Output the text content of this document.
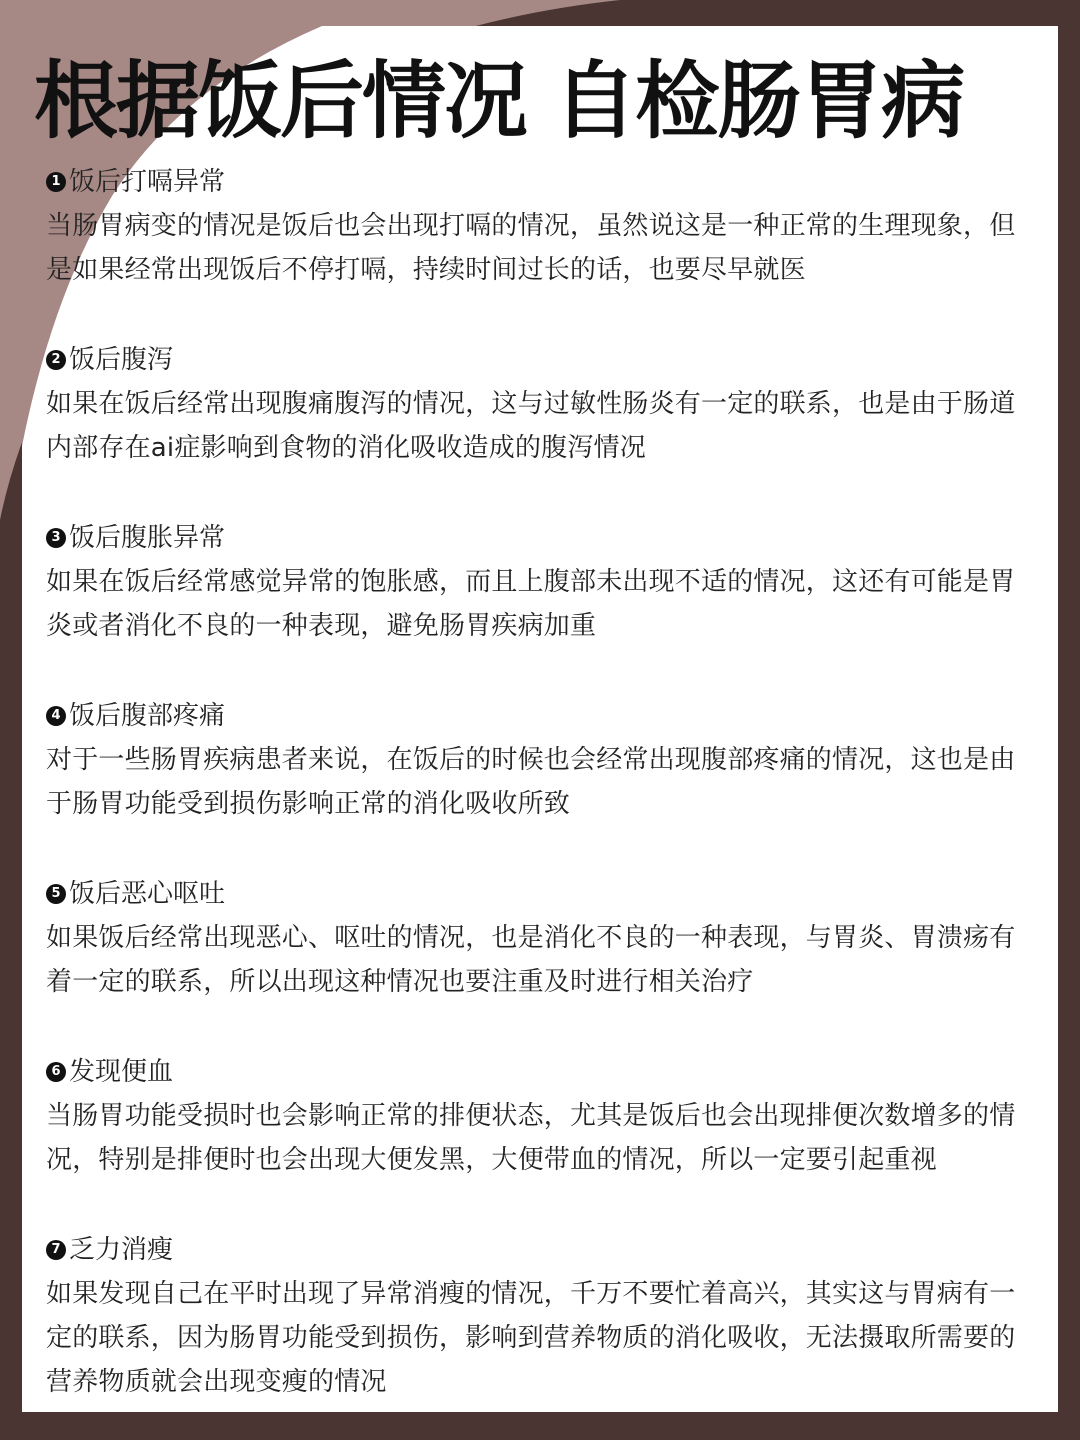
根据饭后情况 自检肠胃病
1 饭后打嗝异常

当肠胃病变的情况是饭后也会出现打嗝的情况，虽然说这是一种正常的生理现象，但是如果经常出现饭后不停打嗝，持续时间过长的话，也要尽早就医

2 饭后腹泻

如果在饭后经常出现腹痛腹泻的情况，这与过敏性肠炎有一定的联系，也是由于肠道内部存在ai症影响到食物的消化吸收造成的腹泻情况

3 饭后腹胀异常

如果在饭后经常感觉异常的饱胀感，而且上腹部未出现不适的情况，这还有可能是胃炎或者消化不良的一种表现，避免肠胃疾病加重

4 饭后腹部疼痛

对于一些肠胃疾病患者来说，在饭后的时候也会经常出现腹部疼痛的情况，这也是由于肠胃功能受到损伤影响正常的消化吸收所致

5 饭后恶心呕吐

如果饭后经常出现恶心、呕吐的情况，也是消化不良的一种表现，与胃炎、胃溃疡有着一定的联系，所以出现这种情况也要注重及时进行相关治疗

6 发现便血

当肠胃功能受损时也会影响正常的排便状态，尤其是饭后也会出现排便次数增多的情况，特别是排便时也会出现大便发黑，大便带血的情况，所以一定要引起重视

7 乏力消瘦

如果发现自己在平时出现了异常消瘦的情况，千万不要忙着高兴，其实这与胃病有一定的联系，因为肠胃功能受到损伤，影响到营养物质的消化吸收，无法摄取所需要的营养物质就会出现变瘦的情况
